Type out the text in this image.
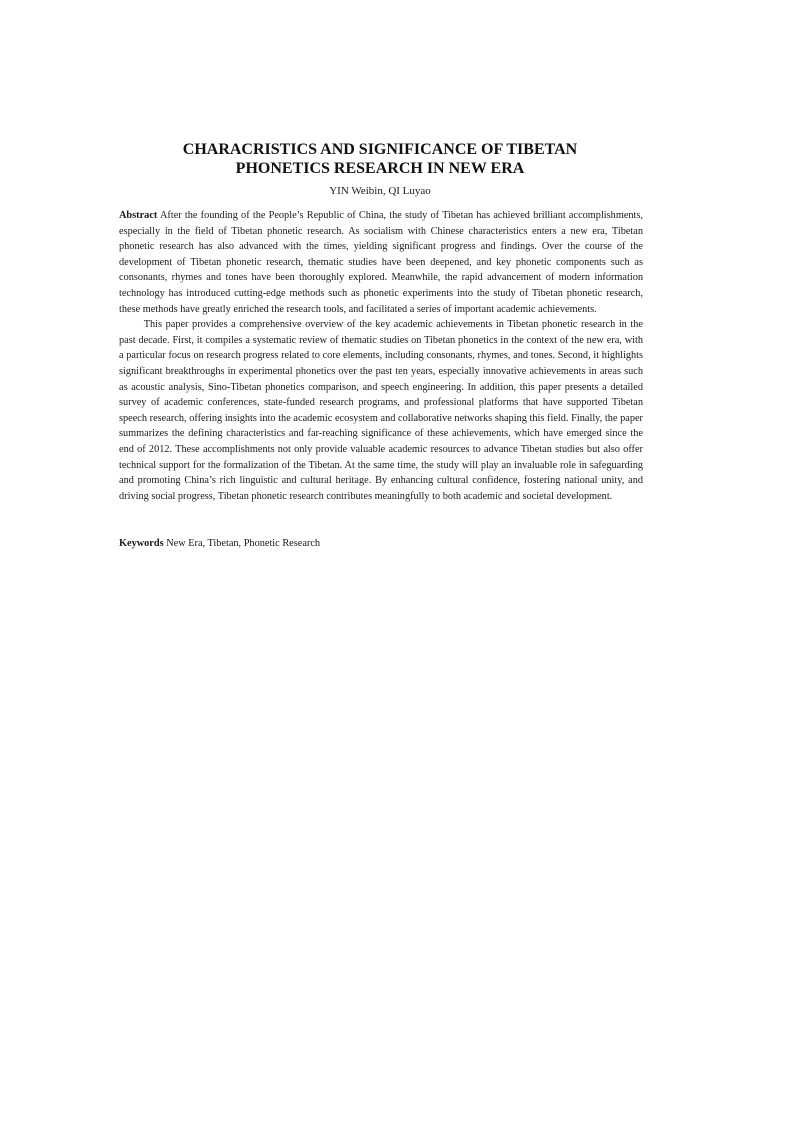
CHARACRISTICS AND SIGNIFICANCE OF TIBETAN
PHONETICS RESEARCH IN NEW ERA
YIN Weibin, QI Luyao

Abstract After the founding of the People’s Republic of China, the study of Tibetan has achieved brilliant accomplishments, especially in the field of Tibetan phonetic research. As socialism with Chinese characteristics enters a new era, Tibetan phonetic research has also advanced with the times, yielding significant progress and findings. Over the course of the development of Tibetan phonetic research, thematic studies have been deepened, and key phonetic components such as consonants, rhymes and tones have been thoroughly explored. Meanwhile, the rapid advancement of modern information technology has introduced cutting-edge methods such as phonetic experiments into the study of Tibetan phonetic research, these methods have greatly enriched the research tools, and facilitated a series of important academic achievements.

This paper provides a comprehensive overview of the key academic achievements in Tibetan phonetic research in the past decade. First, it compiles a systematic review of thematic studies on Tibetan phonetics in the context of the new era, with a particular focus on research progress related to core elements, including consonants, rhymes, and tones. Second, it highlights significant breakthroughs in experimental phonetics over the past ten years, especially innovative achievements in areas such as acoustic analysis, Sino-Tibetan phonetics comparison, and speech engineering. In addition, this paper presents a detailed survey of academic conferences, state-funded research programs, and professional platforms that have supported Tibetan speech research, offering insights into the academic ecosystem and collaborative networks shaping this field. Finally, the paper summarizes the defining characteristics and far-reaching significance of these achievements, which have emerged since the end of 2012. These accomplishments not only provide valuable academic resources to advance Tibetan studies but also offer technical support for the formalization of the Tibetan. At the same time, the study will play an invaluable role in safeguarding and promoting China’s rich linguistic and cultural heritage. By enhancing cultural confidence, fostering national unity, and driving social progress, Tibetan phonetic research contributes meaningfully to both academic and societal development.

Keywords New Era, Tibetan, Phonetic Research
